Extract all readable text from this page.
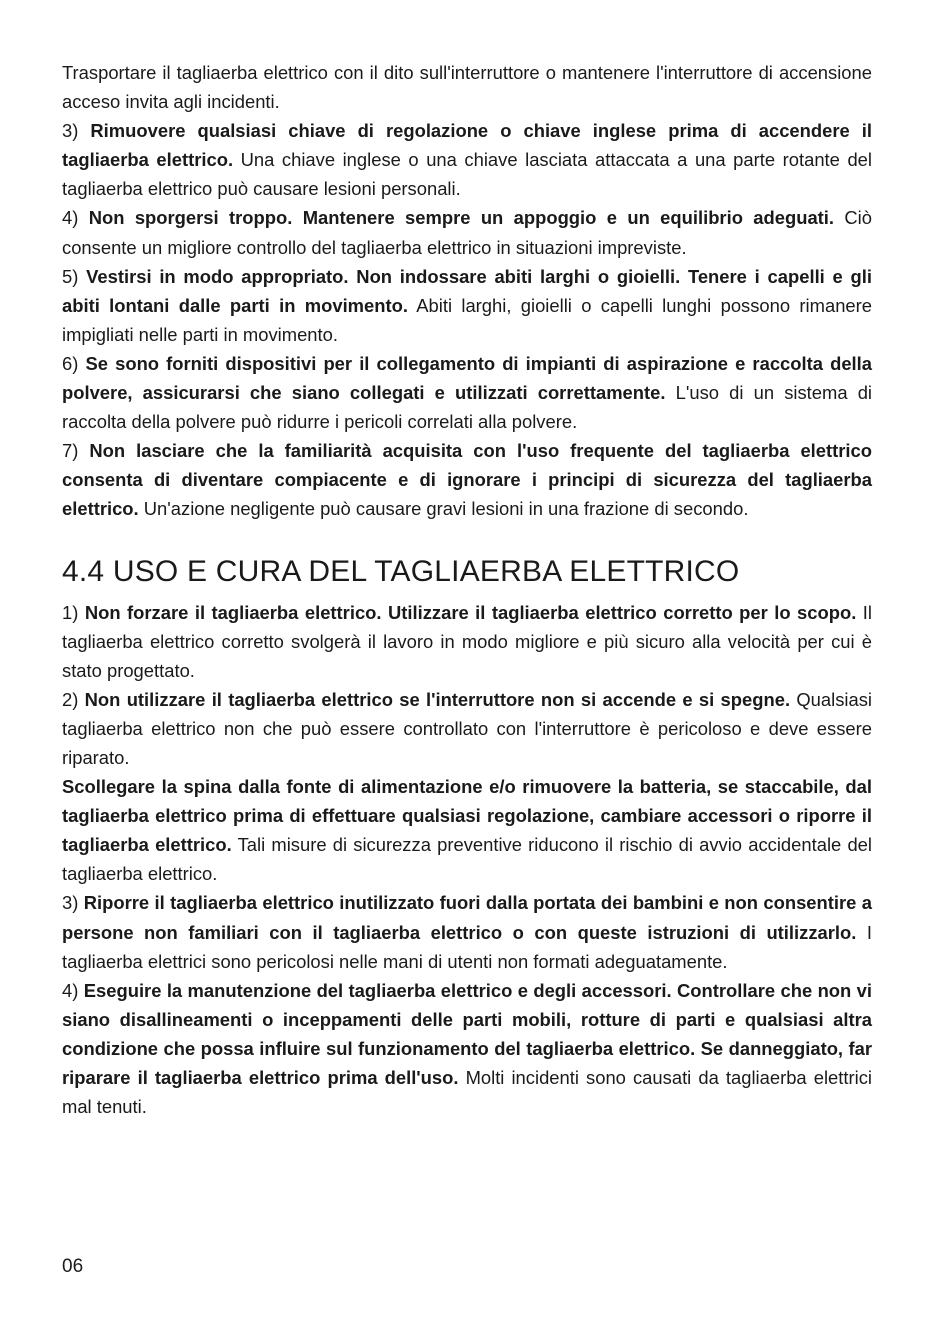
Trasportare il tagliaerba elettrico con il dito sull'interruttore o mantenere l'interruttore di accensione acceso invita agli incidenti.

3) Rimuovere qualsiasi chiave di regolazione o chiave inglese prima di accendere il tagliaerba elettrico. Una chiave inglese o una chiave lasciata attaccata a una parte rotante del tagliaerba elettrico può causare lesioni personali.

4) Non sporgersi troppo. Mantenere sempre un appoggio e un equilibrio adeguati. Ciò consente un migliore controllo del tagliaerba elettrico in situazioni impreviste.

5) Vestirsi in modo appropriato. Non indossare abiti larghi o gioielli. Tenere i capelli e gli abiti lontani dalle parti in movimento. Abiti larghi, gioielli o capelli lunghi possono rimanere impigliati nelle parti in movimento.

6) Se sono forniti dispositivi per il collegamento di impianti di aspirazione e raccolta della polvere, assicurarsi che siano collegati e utilizzati correttamente. L'uso di un sistema di raccolta della polvere può ridurre i pericoli correlati alla polvere.

7) Non lasciare che la familiarità acquisita con l'uso frequente del tagliaerba elettrico consenta di diventare compiacente e di ignorare i principi di sicurezza del tagliaerba elettrico. Un'azione negligente può causare gravi lesioni in una frazione di secondo.

4.4 USO E CURA DEL TAGLIAERBA ELETTRICO

1) Non forzare il tagliaerba elettrico. Utilizzare il tagliaerba elettrico corretto per lo scopo. Il tagliaerba elettrico corretto svolgerà il lavoro in modo migliore e più sicuro alla velocità per cui è stato progettato.

2) Non utilizzare il tagliaerba elettrico se l'interruttore non si accende e si spegne. Qualsiasi tagliaerba elettrico non che può essere controllato con l'interruttore è pericoloso e deve essere riparato.

Scollegare la spina dalla fonte di alimentazione e/o rimuovere la batteria, se staccabile, dal tagliaerba elettrico prima di effettuare qualsiasi regolazione, cambiare accessori o riporre il tagliaerba elettrico. Tali misure di sicurezza preventive riducono il rischio di avvio accidentale del tagliaerba elettrico.

3) Riporre il tagliaerba elettrico inutilizzato fuori dalla portata dei bambini e non consentire a persone non familiari con il tagliaerba elettrico o con queste istruzioni di utilizzarlo. I tagliaerba elettrici sono pericolosi nelle mani di utenti non formati adeguatamente.

4) Eseguire la manutenzione del tagliaerba elettrico e degli accessori. Controllare che non vi siano disallineamenti o inceppamenti delle parti mobili, rotture di parti e qualsiasi altra condizione che possa influire sul funzionamento del tagliaerba elettrico. Se danneggiato, far riparare il tagliaerba elettrico prima dell'uso. Molti incidenti sono causati da tagliaerba elettrici mal tenuti.

06
